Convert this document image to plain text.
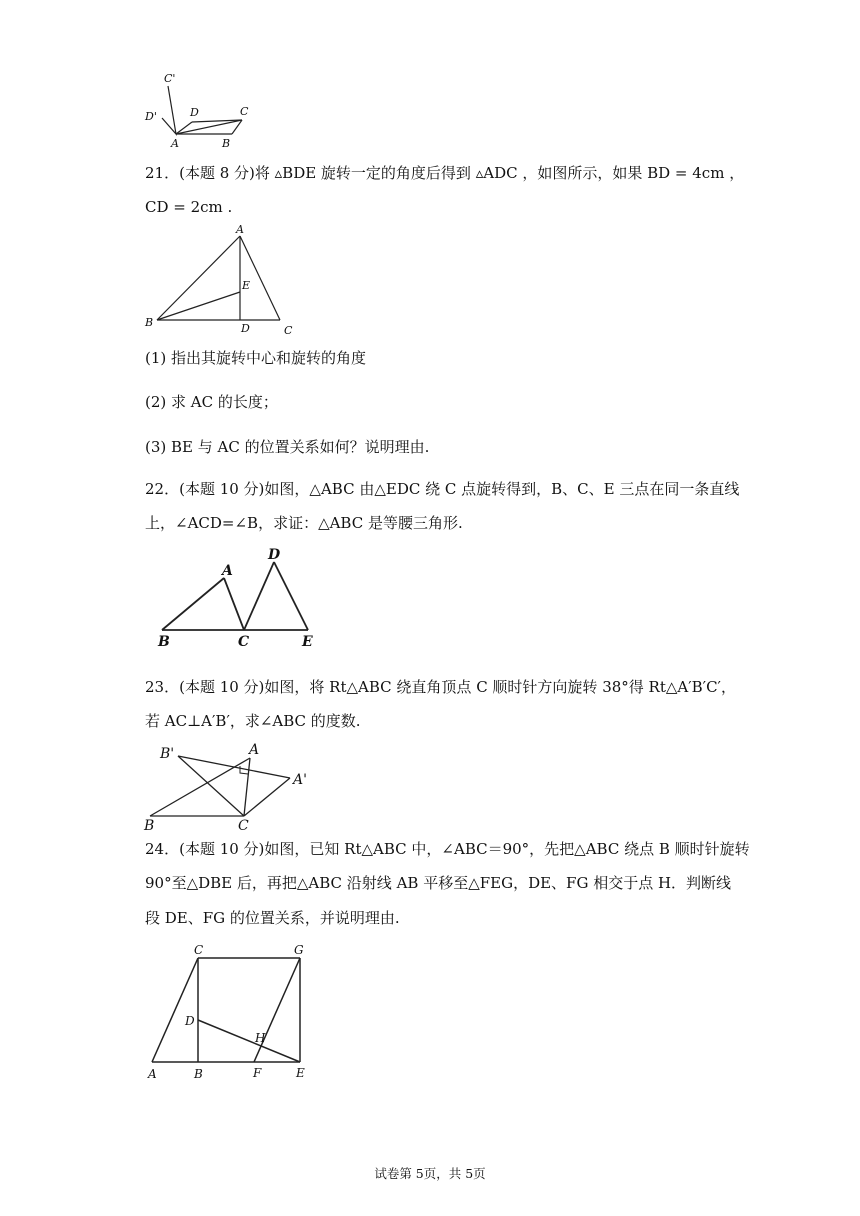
C'
D'	D	C
A	B
21．(本题 8 分)将 ▵BDE 旋转一定的角度后得到 ▵ADC ，如图所示，如果 BD = 4cm ，
CD = 2cm .
A
E
B	D	C
(1) 指出其旋转中心和旋转的角度
(2) 求 AC 的长度；
(3) BE 与 AC 的位置关系如何？说明理由.
22．(本题 10 分)如图，△ABC 由△EDC 绕 C 点旋转得到，B、C、E 三点在同一条直线
上，∠ACD=∠B，求证：△ABC 是等腰三角形.
A
D
B	C	E
23．(本题 10 分)如图，将 Rt△ABC 绕直角顶点 C 顺时针方向旋转 38°得 Rt△A′B′C′，
若 AC⊥A′B′，求∠ABC 的度数.
B'	A
A'
B	C
24．(本题 10 分)如图，已知 Rt△ABC 中，∠ABC＝90°，先把△ABC 绕点 B 顺时针旋转
90°至△DBE 后，再把△ABC 沿射线 AB 平移至△FEG，DE、FG 相交于点 H．判断线
段 DE、FG 的位置关系，并说明理由.
C	G
D
H
A	B	F	E
试卷第 5页，共 5页
